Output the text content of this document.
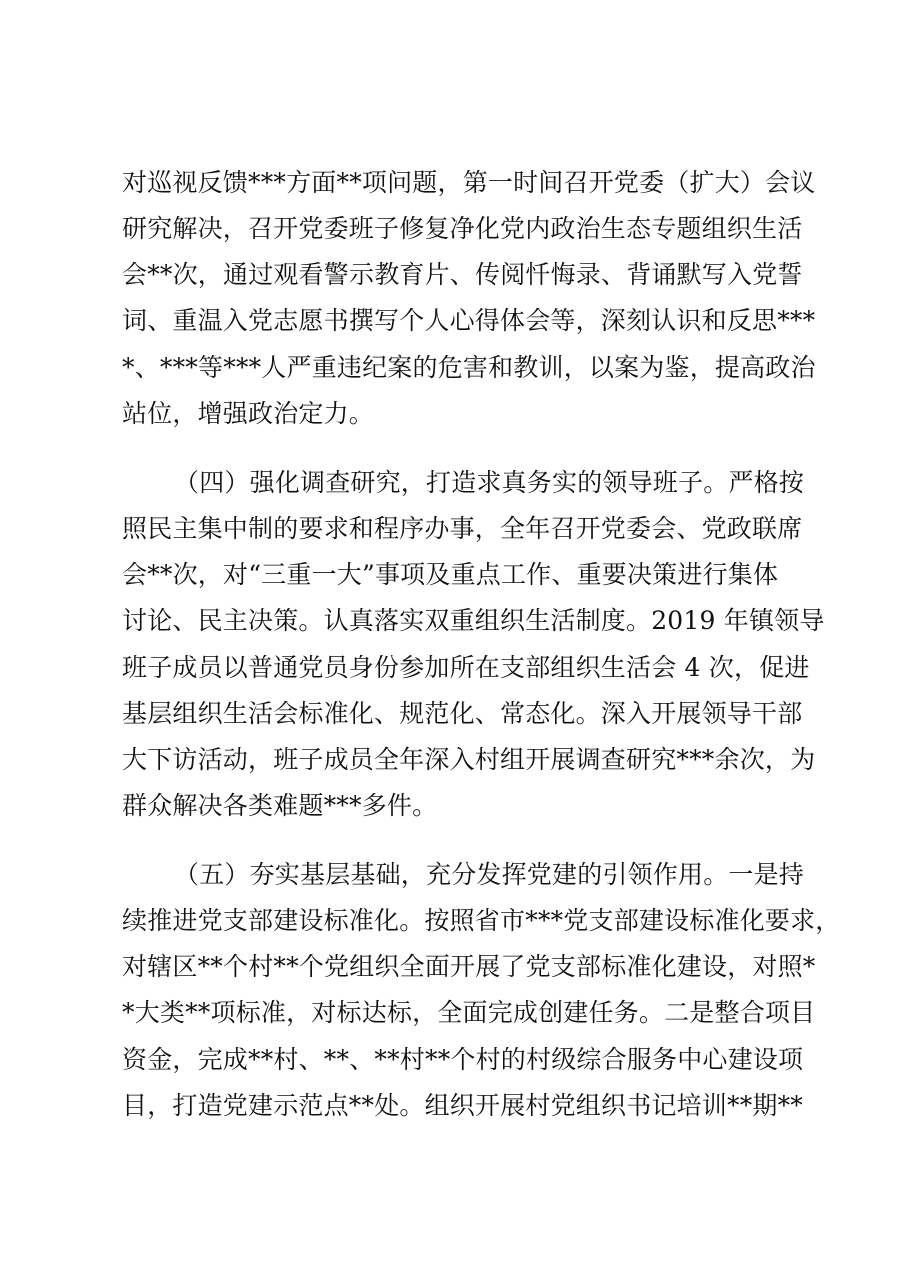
对巡视反馈***方面**项问题，第一时间召开党委（扩大）会议
研究解决，召开党委班子修复净化党内政治生态专题组织生活
会**次，通过观看警示教育片、传阅忏悔录、背诵默写入党誓
词、重温入党志愿书撰写个人心得体会等，深刻认识和反思***
*、***等***人严重违纪案的危害和教训，以案为鉴，提高政治
站位，增强政治定力。
（四）强化调查研究，打造求真务实的领导班子。严格按
照民主集中制的要求和程序办事，全年召开党委会、党政联席
会**次，对“三重一大”事项及重点工作、重要决策进行集体
讨论、民主决策。认真落实双重组织生活制度。2019 年镇领导
班子成员以普通党员身份参加所在支部组织生活会 4 次，促进
基层组织生活会标准化、规范化、常态化。深入开展领导干部
大下访活动，班子成员全年深入村组开展调查研究***余次，为
群众解决各类难题***多件。
（五）夯实基层基础，充分发挥党建的引领作用。一是持
续推进党支部建设标准化。按照省市***党支部建设标准化要求，
对辖区**个村**个党组织全面开展了党支部标准化建设，对照*
*大类**项标准，对标达标，全面完成创建任务。二是整合项目
资金，完成**村、**、**村**个村的村级综合服务中心建设项
目，打造党建示范点**处。组织开展村党组织书记培训**期**
